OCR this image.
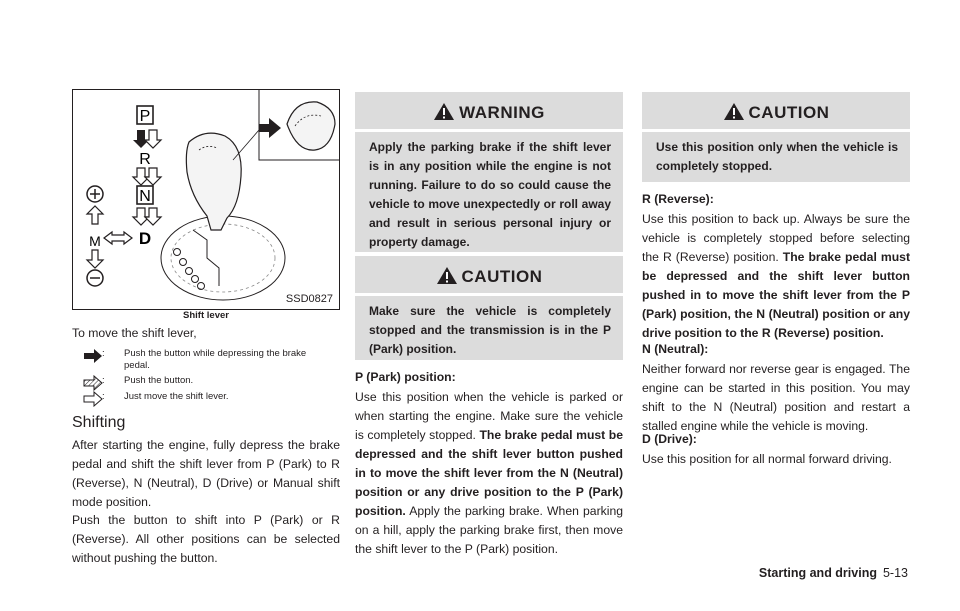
P
R
N
D
M
SSD0827
Shift lever

To move the shift lever,

: Push the button while depressing the brake pedal.
: Push the button.
: Just move the shift lever.
Shifting

After starting the engine, fully depress the brake pedal and shift the shift lever from P (Park) to R (Reverse), N (Neutral), D (Drive) or Manual shift mode position.

Push the button to shift into P (Park) or R (Reverse). All other positions can be selected without pushing the button.

WARNING
Apply the parking brake if the shift lever is in any position while the engine is not running. Failure to do so could cause the vehicle to move unexpectedly or roll away and result in serious personal injury or property damage.
CAUTION
Make sure the vehicle is completely stopped and the transmission is in the P (Park) position.

P (Park) position:

Use this position when the vehicle is parked or when starting the engine. Make sure the vehicle is completely stopped. The brake pedal must be depressed and the shift lever button pushed in to move the shift lever from the N (Neutral) position or any drive position to the P (Park) position. Apply the parking brake. When parking on a hill, apply the parking brake first, then move the shift lever to the P (Park) position.

CAUTION
Use this position only when the vehicle is completely stopped.

R (Reverse):

Use this position to back up. Always be sure the vehicle is completely stopped before selecting the R (Reverse) position. The brake pedal must be depressed and the shift lever button pushed in to move the shift lever from the P (Park) position, the N (Neutral) position or any drive position to the R (Reverse) position.

N (Neutral):

Neither forward nor reverse gear is engaged. The engine can be started in this position. You may shift to the N (Neutral) position and restart a stalled engine while the vehicle is moving.

D (Drive):

Use this position for all normal forward driving.

Starting and driving 5-13
